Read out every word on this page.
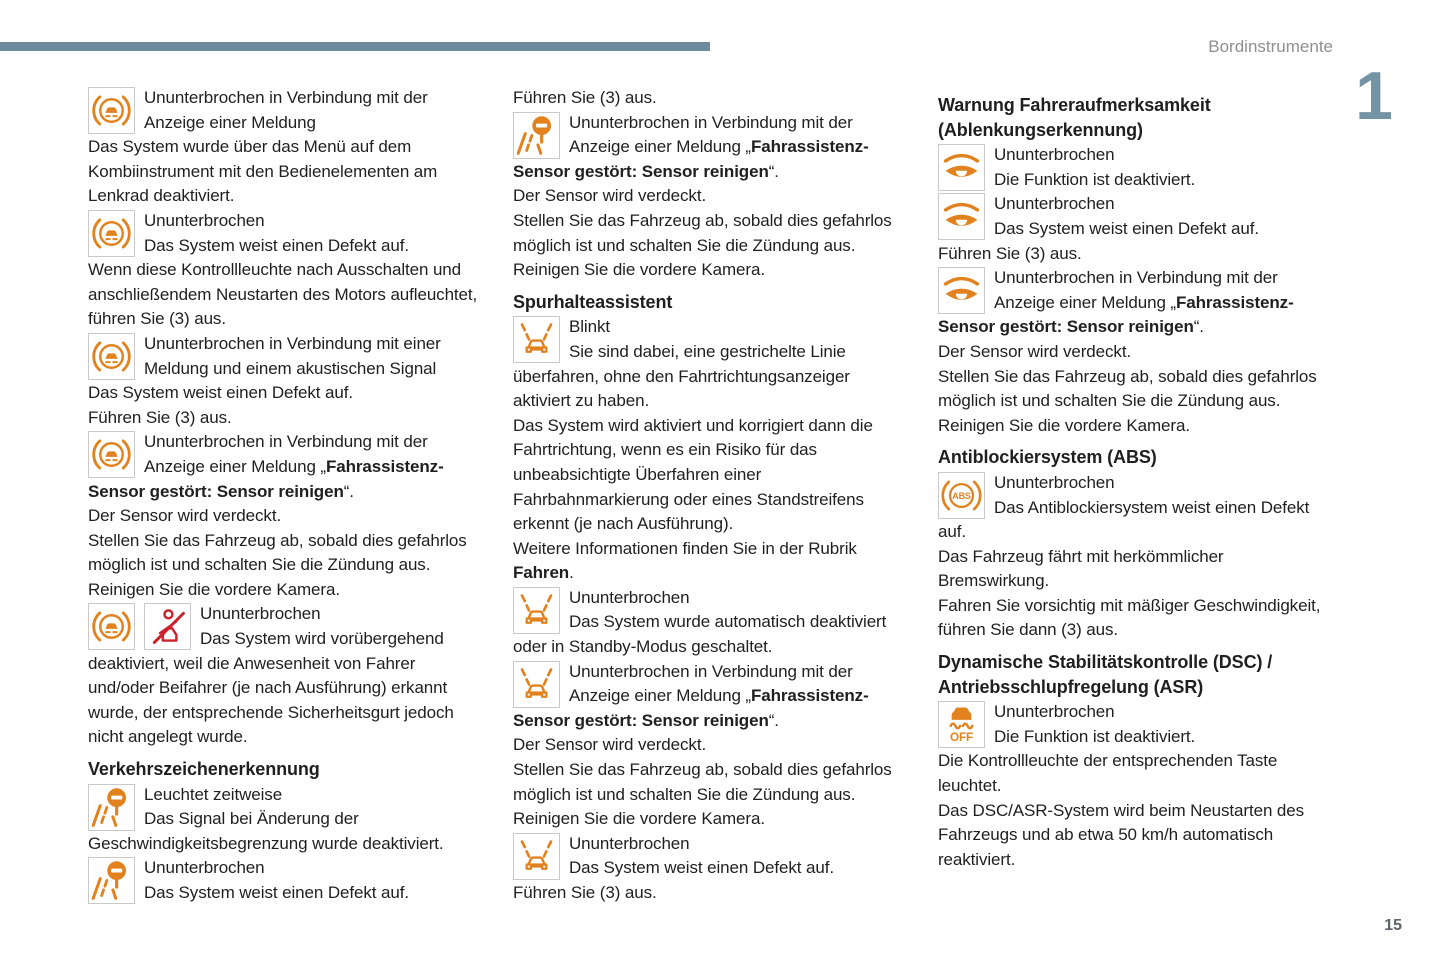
Bordinstrumente
1
Ununterbrochen in Verbindung mit der Anzeige einer Meldung
Das System wurde über das Menü auf dem Kombiinstrument mit den Bedienelementen am Lenkrad deaktiviert.
Ununterbrochen
Das System weist einen Defekt auf.
Wenn diese Kontrollleuchte nach Ausschalten und anschließendem Neustarten des Motors aufleuchtet, führen Sie (3) aus.
Ununterbrochen in Verbindung mit einer Meldung und einem akustischen Signal
Das System weist einen Defekt auf.
Führen Sie (3) aus.
Ununterbrochen in Verbindung mit der Anzeige einer Meldung „Fahrassistenz-Sensor gestört: Sensor reinigen“.
Der Sensor wird verdeckt.
Stellen Sie das Fahrzeug ab, sobald dies gefahrlos möglich ist und schalten Sie die Zündung aus.
Reinigen Sie die vordere Kamera.
Ununterbrochen
Das System wird vorübergehend deaktiviert, weil die Anwesenheit von Fahrer und/oder Beifahrer (je nach Ausführung) erkannt wurde, der entsprechende Sicherheitsgurt jedoch nicht angelegt wurde.
Verkehrszeichenerkennung
Leuchtet zeitweise
Das Signal bei Änderung der Geschwindigkeitsbegrenzung wurde deaktiviert.
Ununterbrochen
Das System weist einen Defekt auf.
Führen Sie (3) aus.
Ununterbrochen in Verbindung mit der Anzeige einer Meldung „Fahrassistenz-Sensor gestört: Sensor reinigen“.
Der Sensor wird verdeckt.
Stellen Sie das Fahrzeug ab, sobald dies gefahrlos möglich ist und schalten Sie die Zündung aus.
Reinigen Sie die vordere Kamera.
Spurhalteassistent
Blinkt
Sie sind dabei, eine gestrichelte Linie überfahren, ohne den Fahrtrichtungsanzeiger aktiviert zu haben.
Das System wird aktiviert und korrigiert dann die Fahrtrichtung, wenn es ein Risiko für das unbeabsichtigte Überfahren einer Fahrbahnmarkierung oder eines Standstreifens erkennt (je nach Ausführung).
Weitere Informationen finden Sie in der Rubrik Fahren.
Ununterbrochen
Das System wurde automatisch deaktiviert oder in Standby-Modus geschaltet.
Ununterbrochen in Verbindung mit der Anzeige einer Meldung „Fahrassistenz-Sensor gestört: Sensor reinigen“.
Der Sensor wird verdeckt.
Stellen Sie das Fahrzeug ab, sobald dies gefahrlos möglich ist und schalten Sie die Zündung aus.
Reinigen Sie die vordere Kamera.
Ununterbrochen
Das System weist einen Defekt auf.
Führen Sie (3) aus.
Warnung Fahreraufmerksamkeit (Ablenkungserkennung)
Ununterbrochen
Die Funktion ist deaktiviert.
Ununterbrochen
Das System weist einen Defekt auf.
Führen Sie (3) aus.
Ununterbrochen in Verbindung mit der Anzeige einer Meldung „Fahrassistenz-Sensor gestört: Sensor reinigen“.
Der Sensor wird verdeckt.
Stellen Sie das Fahrzeug ab, sobald dies gefahrlos möglich ist und schalten Sie die Zündung aus.
Reinigen Sie die vordere Kamera.
Antiblockiersystem (ABS)
ABS
Ununterbrochen
Das Antiblockiersystem weist einen Defekt auf.
Das Fahrzeug fährt mit herkömmlicher Bremswirkung.
Fahren Sie vorsichtig mit mäßiger Geschwindigkeit, führen Sie dann (3) aus.
Dynamische Stabilitätskontrolle (DSC) / Antriebsschlupfregelung (ASR)
OFF
Ununterbrochen
Die Funktion ist deaktiviert.
Die Kontrollleuchte der entsprechenden Taste leuchtet.
Das DSC/ASR-System wird beim Neustarten des Fahrzeugs und ab etwa 50 km/h automatisch reaktiviert.
15
